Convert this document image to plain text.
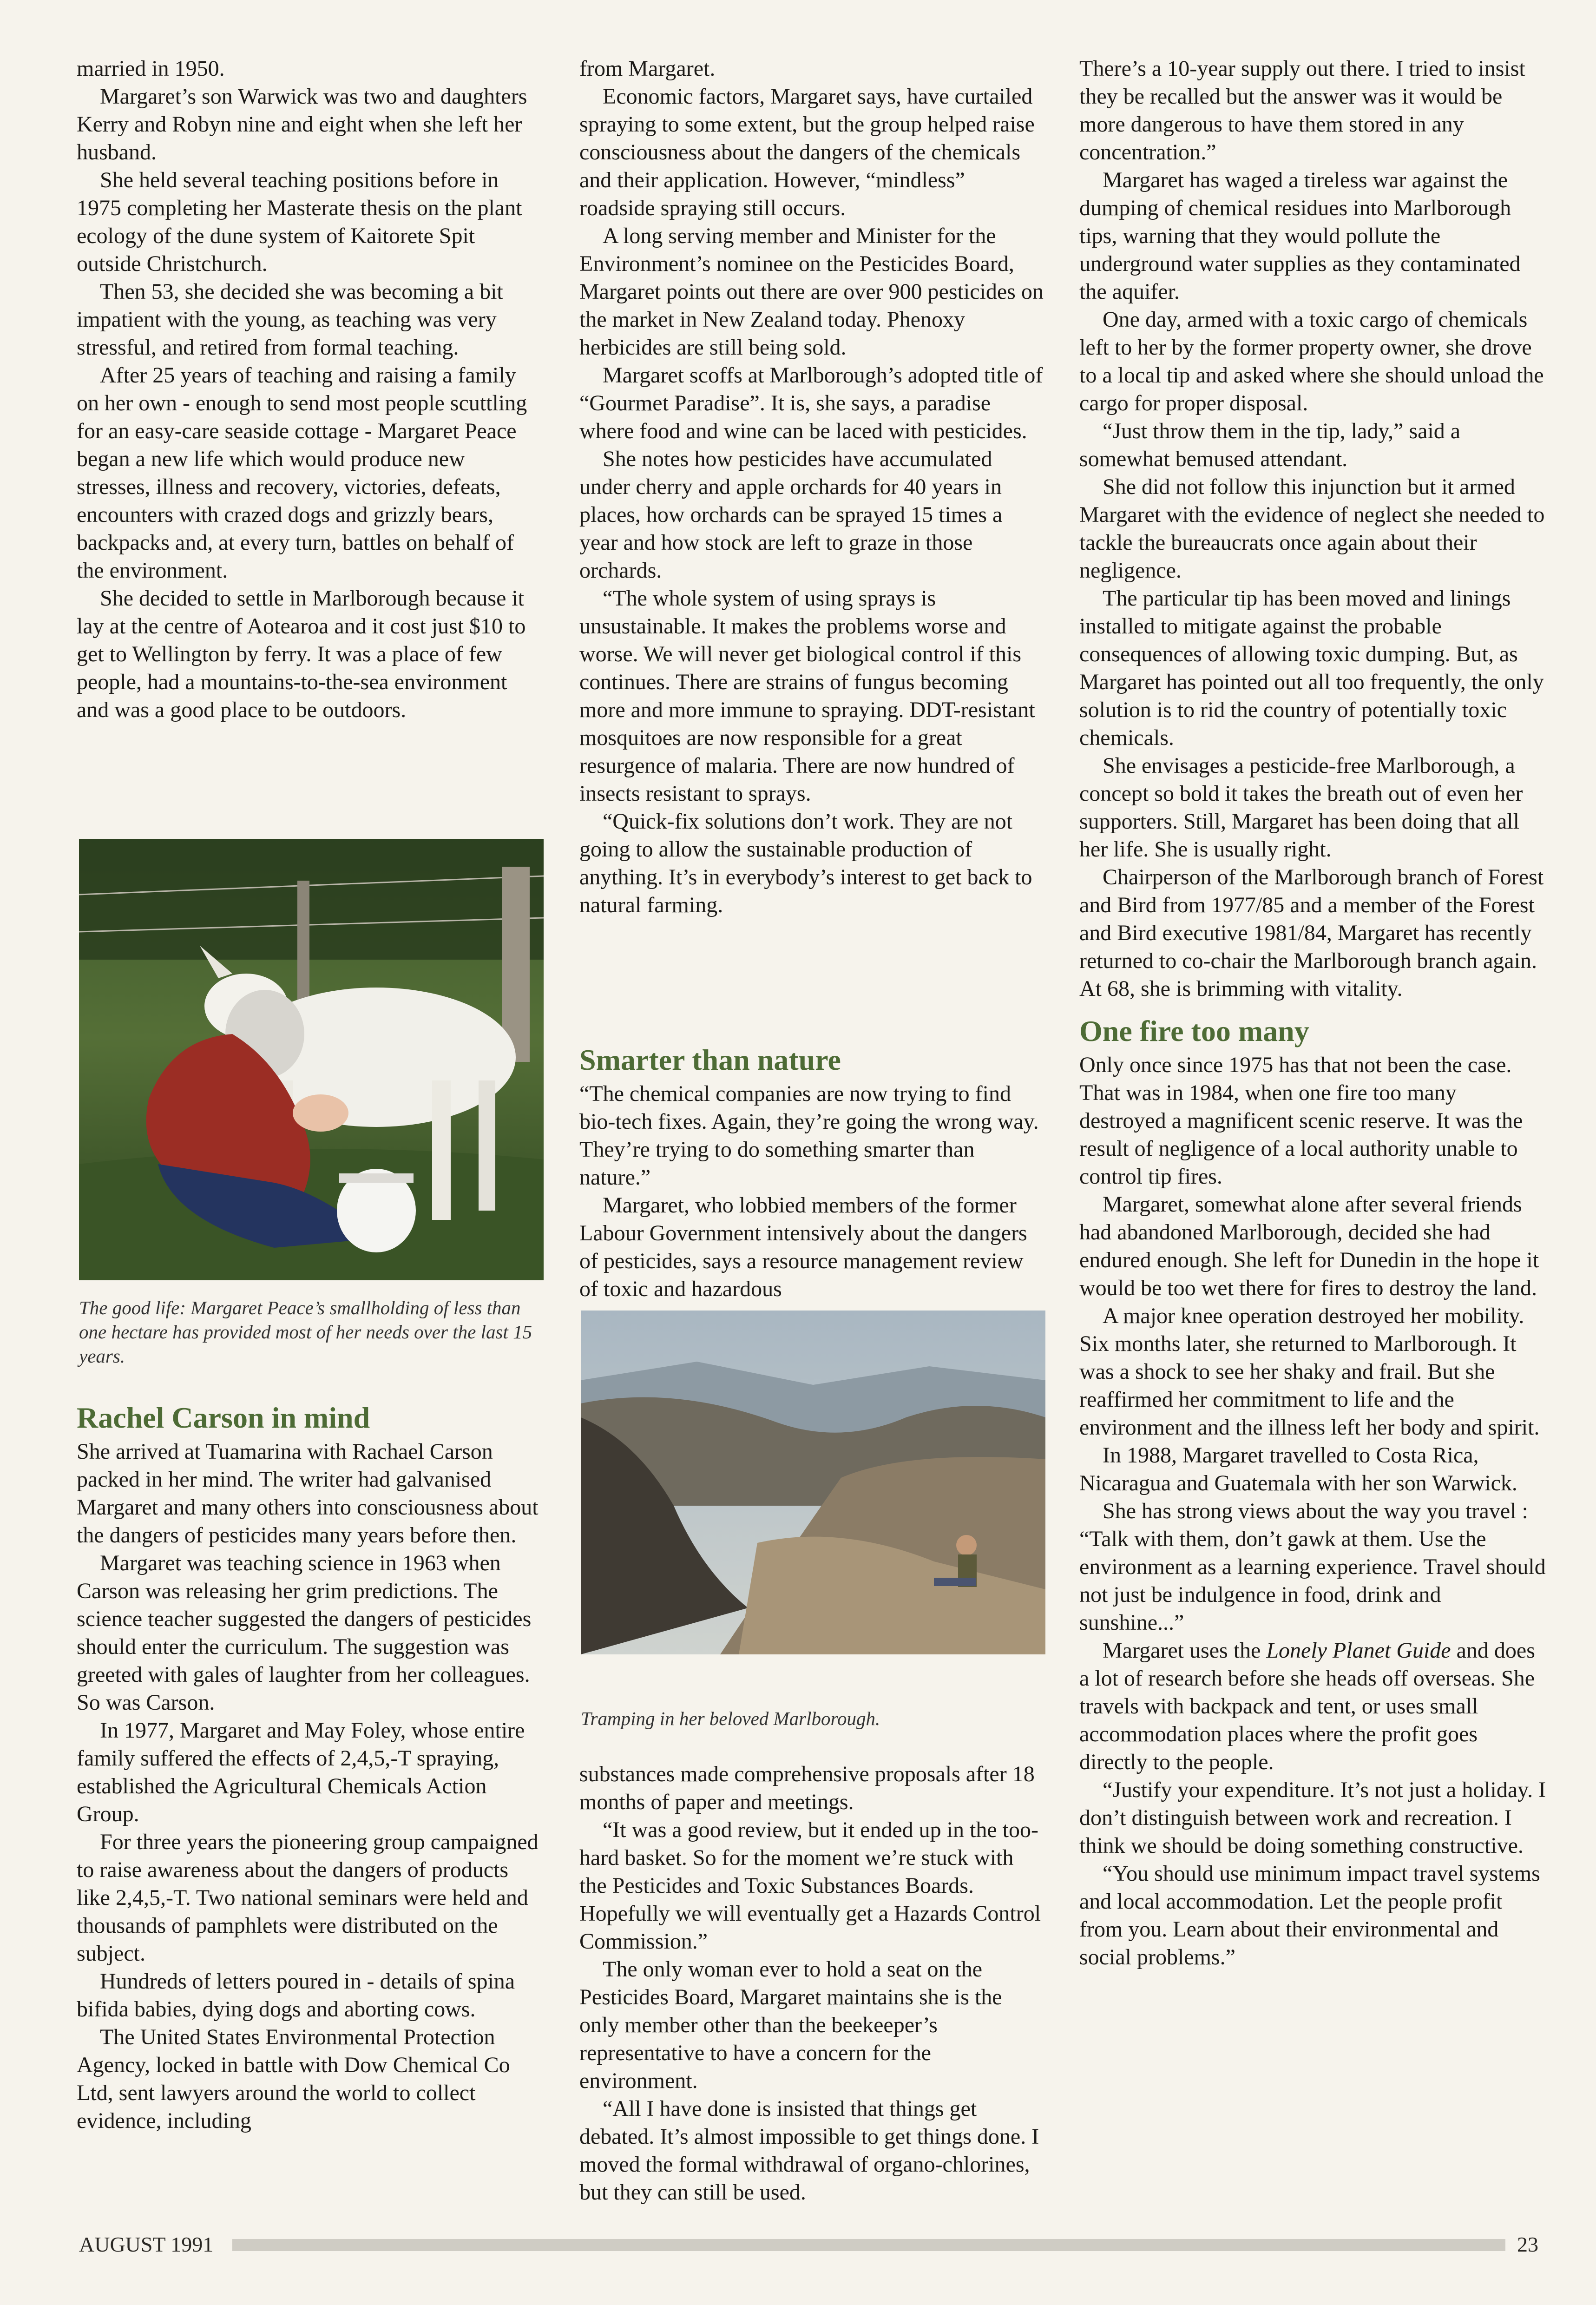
married in 1950.

Margaret’s son Warwick was two and daughters Kerry and Robyn nine and eight when she left her husband.

She held several teaching positions before in 1975 completing her Masterate thesis on the plant ecology of the dune system of Kaitorete Spit outside Christchurch.

Then 53, she decided she was becoming a bit impatient with the young, as teaching was very stressful, and retired from formal teaching.

After 25 years of teaching and raising a family on her own - enough to send most people scuttling for an easy-care seaside cottage - Margaret Peace began a new life which would produce new stresses, illness and recovery, victories, defeats, encounters with crazed dogs and grizzly bears, backpacks and, at every turn, battles on behalf of the environment.

She decided to settle in Marlborough because it lay at the centre of Aotearoa and it cost just $10 to get to Wellington by ferry. It was a place of few people, had a mountains-to-the-sea environment and was a good place to be outdoors.

The good life: Margaret Peace’s smallholding of less than one hectare has provided most of her needs over the last 15 years.
Rachel Carson in mind

She arrived at Tuamarina with Rachael Carson packed in her mind. The writer had galvanised Margaret and many others into consciousness about the dangers of pesticides many years before then.

Margaret was teaching science in 1963 when Carson was releasing her grim predictions. The science teacher suggested the dangers of pesticides should enter the curriculum. The suggestion was greeted with gales of laughter from her colleagues. So was Carson.

In 1977, Margaret and May Foley, whose entire family suffered the effects of 2,4,5,-T spraying, established the Agricultural Chemicals Action Group.

For three years the pioneering group campaigned to raise awareness about the dangers of products like 2,4,5,-T. Two national seminars were held and thousands of pamphlets were distributed on the subject.

Hundreds of letters poured in - details of spina bifida babies, dying dogs and aborting cows.

The United States Environmental Protection Agency, locked in battle with Dow Chemical Co Ltd, sent lawyers around the world to collect evidence, including

from Margaret.

Economic factors, Margaret says, have curtailed spraying to some extent, but the group helped raise consciousness about the dangers of the chemicals and their application. However, “mindless” roadside spraying still occurs.

A long serving member and Minister for the Environment’s nominee on the Pesticides Board, Margaret points out there are over 900 pesticides on the market in New Zealand today. Phenoxy herbicides are still being sold.

Margaret scoffs at Marlborough’s adopted title of “Gourmet Paradise”. It is, she says, a paradise where food and wine can be laced with pesticides.

She notes how pesticides have accumulated under cherry and apple orchards for 40 years in places, how orchards can be sprayed 15 times a year and how stock are left to graze in those orchards.

“The whole system of using sprays is unsustainable. It makes the problems worse and worse. We will never get biological control if this continues. There are strains of fungus becoming more and more immune to spraying. DDT-resistant mosquitoes are now responsible for a great resurgence of malaria. There are now hundred of insects resistant to sprays.

“Quick-fix solutions don’t work. They are not going to allow the sustainable production of anything. It’s in everybody’s interest to get back to natural farming.

Smarter than nature

“The chemical companies are now trying to find bio-tech fixes. Again, they’re going the wrong way. They’re trying to do something smarter than nature.”

Margaret, who lobbied members of the former Labour Government intensively about the dangers of pesticides, says a resource management review of toxic and hazardous

Tramping in her beloved Marlborough.

substances made comprehensive proposals after 18 months of paper and meetings.

“It was a good review, but it ended up in the too-hard basket. So for the moment we’re stuck with the Pesticides and Toxic Substances Boards. Hopefully we will eventually get a Hazards Control Commission.”

The only woman ever to hold a seat on the Pesticides Board, Margaret maintains she is the only member other than the beekeeper’s representative to have a concern for the environment.

“All I have done is insisted that things get debated. It’s almost impossible to get things done. I moved the formal withdrawal of organo-chlorines, but they can still be used.

There’s a 10-year supply out there. I tried to insist they be recalled but the answer was it would be more dangerous to have them stored in any concentration.”

Margaret has waged a tireless war against the dumping of chemical residues into Marlborough tips, warning that they would pollute the underground water supplies as they contaminated the aquifer.

One day, armed with a toxic cargo of chemicals left to her by the former property owner, she drove to a local tip and asked where she should unload the cargo for proper disposal.

“Just throw them in the tip, lady,” said a somewhat bemused attendant.

She did not follow this injunction but it armed Margaret with the evidence of neglect she needed to tackle the bureaucrats once again about their negligence.

The particular tip has been moved and linings installed to mitigate against the probable consequences of allowing toxic dumping. But, as Margaret has pointed out all too frequently, the only solution is to rid the country of potentially toxic chemicals.

She envisages a pesticide-free Marlborough, a concept so bold it takes the breath out of even her supporters. Still, Margaret has been doing that all her life. She is usually right.

Chairperson of the Marlborough branch of Forest and Bird from 1977/85 and a member of the Forest and Bird executive 1981/84, Margaret has recently returned to co-chair the Marlborough branch again. At 68, she is brimming with vitality.

One fire too many

Only once since 1975 has that not been the case. That was in 1984, when one fire too many destroyed a magnificent scenic reserve. It was the result of negligence of a local authority unable to control tip fires.

Margaret, somewhat alone after several friends had abandoned Marlborough, decided she had endured enough. She left for Dunedin in the hope it would be too wet there for fires to destroy the land.

A major knee operation destroyed her mobility. Six months later, she returned to Marlborough. It was a shock to see her shaky and frail. But she reaffirmed her commitment to life and the environment and the illness left her body and spirit.

In 1988, Margaret travelled to Costa Rica, Nicaragua and Guatemala with her son Warwick.

She has strong views about the way you travel : “Talk with them, don’t gawk at them. Use the environment as a learning experience. Travel should not just be indulgence in food, drink and sunshine...”

Margaret uses the Lonely Planet Guide and does a lot of research before she heads off overseas. She travels with backpack and tent, or uses small accommodation places where the profit goes directly to the people.

“Justify your expenditure. It’s not just a holiday. I don’t distinguish between work and recreation. I think we should be doing something constructive.

“You should use minimum impact travel systems and local accommodation. Let the people profit from you. Learn about their environmental and social problems.”

AUGUST 1991	23
